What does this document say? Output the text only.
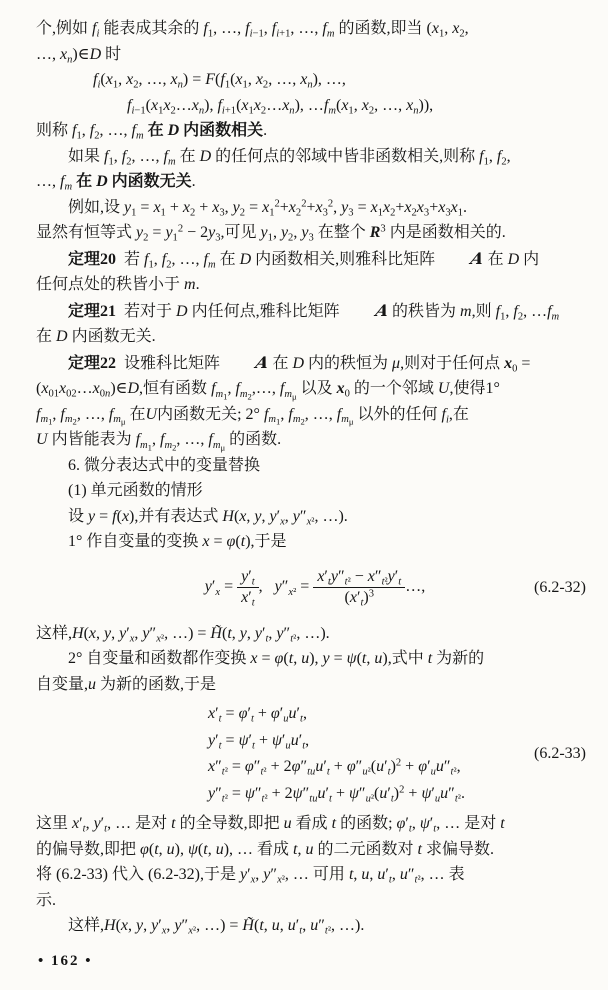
个,例如 $f_i$ 能表成其余的 $f_1$, …, $f_{i-1}$, $f_{i+1}$, …, $f_m$ 的函数,即当 ($x_1$, $x_2$,
…, $x_n)\in D$ 时
$f_i(x_1$, $x_2$, …, $x_n) = F(f_1(x_1$, $x_2$, …, $x_n$), …,
$f_{i-1}(x_1x_2\dots x_n)$, $f_{i+1}(x_1x_2\dots x_n)$, $\dots f_m(x_1$, $x_2$, …, $x_n$)),
则称 $f_1$, $f_2$, …, $f_m$ 在 D 内函数相关.
如果 $f_1$, $f_2$, …, $f_m$ 在 D 的任何点的邻域中皆非函数相关,则称 $f_1$, $f_2$,
…, $f_m$ 在 D 内函数无关.
例如,设 $y_1 = x_1 + x_2 + x_3$, $y_2 = x_1^2+x_2^2+x_3^2$, $y_3 = x_1x_2+x_2x_3+x_3x_1$.
显然有恒等式 $y_2 = y_1^2 - 2y_3$,可见 $y_1$, $y_2$, $y_3$ 在整个 $R^3$ 内是函数相关的.
定理20  若 $f_1$, $f_2$, …, $f_m$ 在 D 内函数相关,则雅科比矩阵 A 在 D 内
任何点处的秩皆小于 m.
定理21  若对于 D 内任何点,雅科比矩阵 A 的秩皆为 m,则 $f_1$, $f_2$, $\dots f_m$
在 D 内函数无关.
定理22  设雅科比矩阵 A 在 D 内的秩恒为 μ,则对于任何点 $x_0$ =
$(x_{01}x_{02}\dots x_{0n})\in D$,恒有函数 $f_{m_1}$, $f_{m_2},\dots$, $f_{m_\mu}$ 以及 $x_0$ 的一个邻域 U,使得1°
$f_{m_1}$, $f_{m_2}$, …, $f_{m_\mu}$ 在U内函数无关; 2° $f_{m_1}$, $f_{m_2}$, …, $f_{m_\mu}$ 以外的任何 $f_i$,在
U 内皆能表为 $f_{m_1}$, $f_{m_2}$, …, $f_{m_\mu}$ 的函数.
6. 微分表达式中的变量替换
(1) 单元函数的情形
设 y = f(x),并有表达式 H(x, y, $y'_x$, $y''_{x^2}$, …).
1° 作自变量的变换 x = φ(t),于是
$y'_x = \frac{y'_t}{x'_t}$ ,   $y''_{x^2} = \frac{x'_ty''_{t^2} - x''_{t^2}y'_t}{(x'_t)^3}$ …,	(6.2-32)
这样,H(x, y, $y'_x$, $y''_{x^2}$, …) = H̃(t, y, $y'_t$, $y''_{t^2}$, …).
2° 自变量和函数都作变换 x = φ(t, u), y = ψ(t, u),式中 t 为新的
自变量,u 为新的函数,于是
$x'_t = \varphi'_t + \varphi'_uu'_t$,
$y'_t = \psi'_t + \psi'_uu'_t$,
$x''_{t^2} = \varphi''_{t^2} + 2\varphi''_{tu}u'_t + \varphi''_{u^2}(u'_t)^2 + \varphi'_uu''_{t^2}$,
$y''_{t^2} = \psi''_{t^2} + 2\psi''_{tu}u'_t + \psi''_{u^2}(u'_t)^2 + \psi'_uu''_{t^2}$.
(6.2-33)
这里 $x'_t$, $y'_t$, … 是对 t 的全导数,即把 u 看成 t 的函数; $\varphi'_t$, $\psi'_t$, … 是对 t
的偏导数,即把 φ(t, u), ψ(t, u), … 看成 t, u 的二元函数对 t 求偏导数.
将 (6.2-33) 代入 (6.2-32),于是 $y'_x$, $y''_{x^2}$, … 可用 t, u, $u'_t$, $u''_{t^2}$, … 表
示.
这样,H(x, y, $y'_x$, $y''_{x^2}$, …) = H̃(t, u, $u'_t$, $u''_{t^2}$, …).
• 162 •
